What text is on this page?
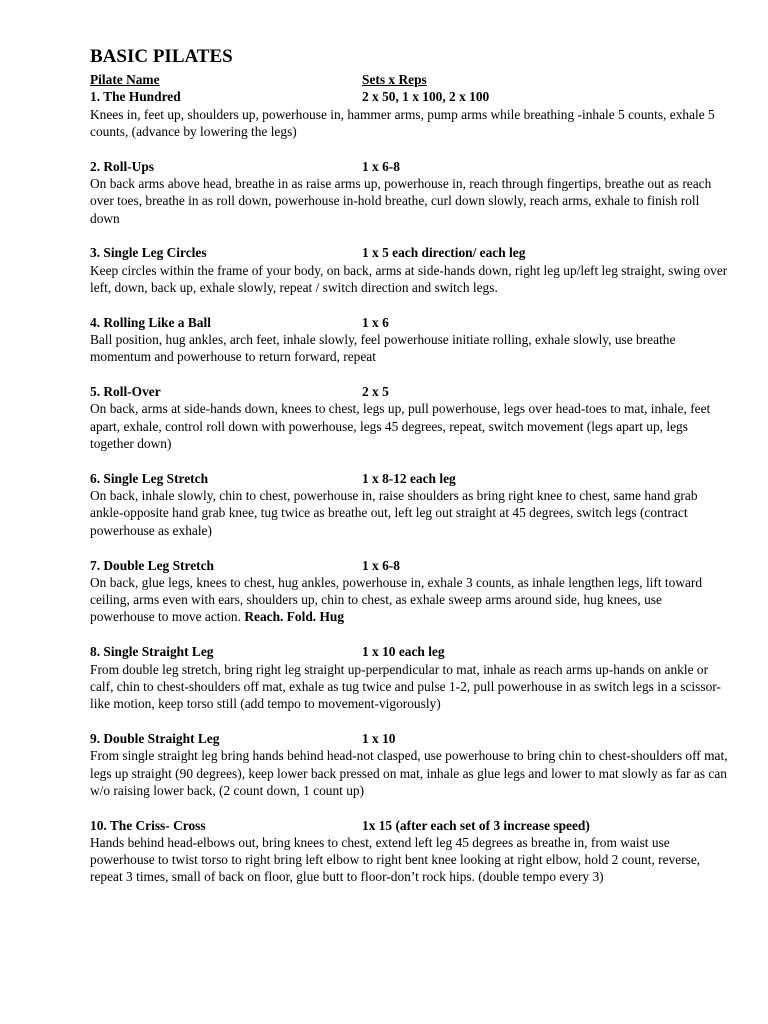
BASIC PILATES
Pilate Name	Sets x Reps
1. The Hundred	2 x 50, 1 x 100, 2 x 100

Knees in, feet up, shoulders up, powerhouse in, hammer arms, pump arms while breathing -inhale 5 counts, exhale 5 counts, (advance by lowering the legs)

2. Roll-Ups	1 x 6-8

On back arms above head, breathe in as raise arms up, powerhouse in, reach through fingertips, breathe out as reach over toes, breathe in as roll down, powerhouse in-hold breathe, curl down slowly, reach arms, exhale to finish roll down

3. Single Leg Circles	1 x 5 each direction/ each leg

Keep circles within the frame of your body, on back, arms at side-hands down, right leg up/left leg straight, swing over left, down, back up, exhale slowly, repeat / switch direction and switch legs.

4. Rolling Like a Ball	1 x 6

Ball position, hug ankles, arch feet, inhale slowly, feel powerhouse initiate rolling, exhale slowly, use breathe momentum and powerhouse to return forward, repeat

5. Roll-Over	2 x 5

On back, arms at side-hands down, knees to chest, legs up, pull powerhouse, legs over head-toes to mat, inhale, feet apart, exhale, control roll down with powerhouse, legs 45 degrees, repeat, switch movement (legs apart up, legs together down)

6. Single Leg Stretch	1 x 8-12 each leg

On back, inhale slowly, chin to chest, powerhouse in, raise shoulders as bring right knee to chest, same hand grab ankle-opposite hand grab knee, tug twice as breathe out, left leg out straight at 45 degrees, switch legs (contract powerhouse as exhale)

7. Double Leg Stretch	1 x 6-8

On back, glue legs, knees to chest, hug ankles, powerhouse in, exhale 3 counts, as inhale lengthen legs, lift toward ceiling, arms even with ears, shoulders up, chin to chest, as exhale sweep arms around side, hug knees, use powerhouse to move action. Reach. Fold. Hug

8. Single Straight Leg	1 x 10 each leg

From double leg stretch, bring right leg straight up-perpendicular to mat, inhale as reach arms up-hands on ankle or calf, chin to chest-shoulders off mat, exhale as tug twice and pulse 1-2, pull powerhouse in as switch legs in a scissor-like motion, keep torso still (add tempo to movement-vigorously)

9. Double Straight Leg	1 x 10

From single straight leg bring hands behind head-not clasped, use powerhouse to bring chin to chest-shoulders off mat, legs up straight (90 degrees), keep lower back pressed on mat, inhale as glue legs and lower to mat slowly as far as can w/o raising lower back, (2 count down, 1 count up)

10. The Criss- Cross	1x 15 (after each set of 3 increase speed)

Hands behind head-elbows out, bring knees to chest, extend left leg 45 degrees as breathe in, from waist use powerhouse to twist torso to right bring left elbow to right bent knee looking at right elbow, hold 2 count, reverse, repeat 3 times, small of back on floor, glue butt to floor-don’t rock hips. (double tempo every 3)
